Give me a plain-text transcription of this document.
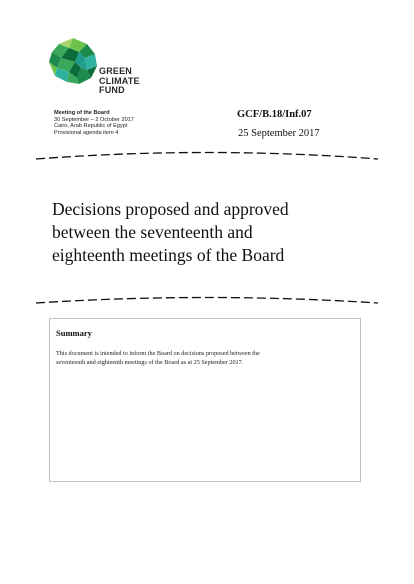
GREEN
CLIMATE
FUND
Meeting of the Board
30 September – 2 October 2017
Cairo, Arab Republic of Egypt
Provisional agenda item 4
GCF/B.18/Inf.07
25 September 2017
Decisions proposed and approved
between the seventeenth and
eighteenth meetings of the Board
Summary
This document is intended to inform the Board on decisions proposed between the
seventeenth and eighteenth meetings of the Board as at 25 September 2017.
